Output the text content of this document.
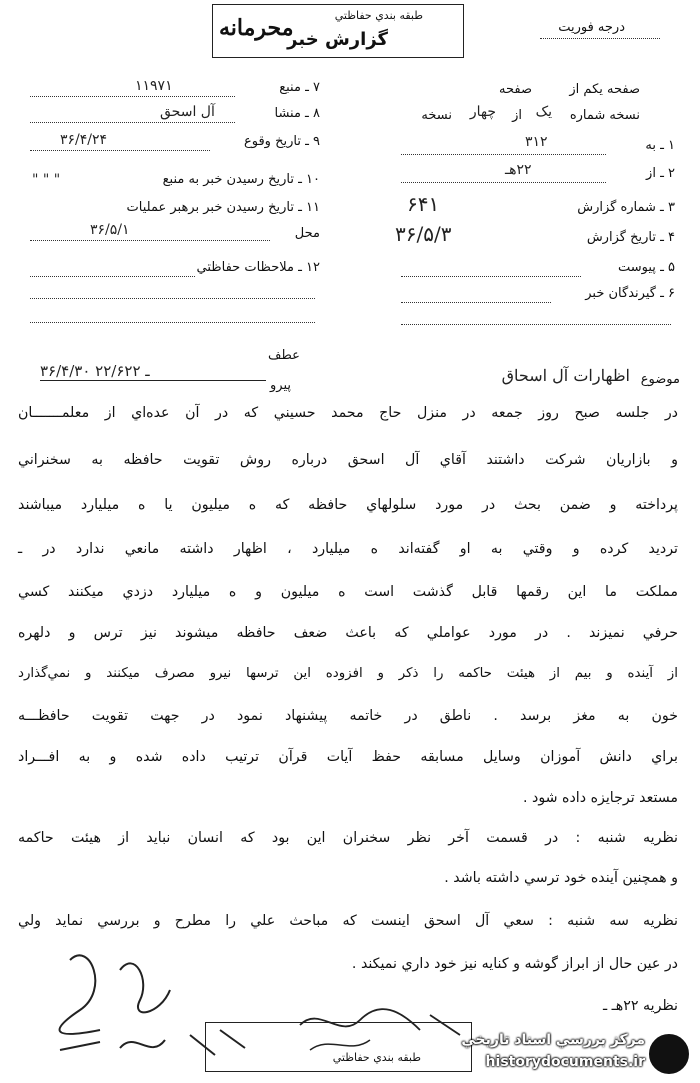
طبقه بندي حفاظتي
گزارش خبر
محرمانه	درجه فوريت
صفحه يكم از
صفحه
نسخه شماره
یک
از
چهار
نسخه
۷ ـ منبع
۱۱۹۷۱
۸ ـ منشا
آل اسحق
۹ ـ تاريخ وقوع
۳۶/۴/۲۴
۱۰ ـ تاريخ رسيدن خبر به منبع
" " "
۱۱ ـ تاريخ رسيدن خبر برهبر عمليات
محل
۳۶/۵/۱
۱۲ ـ ملاحظات حفاظتي
۱ ـ به
۳۱۲
۲ ـ از
۲۲هـ
۳ ـ شماره گزارش
۶۴۱
۴ ـ تاريخ گزارش
۳۶/۵/۳
۵ ـ پيوست
۶ ـ گيرندگان خبر
موضوع
اظهارات آل اسحاق
عطف
پيرو
۳۶/۴/۳۰ ـ ۲۲/۶۲۲
در جلسه صبح روز جمعه در منزل حاج محمد حسيني كه در آن عده‌اي از معلمـــــــان
و بازاريان شركت داشتند آقاي آل اسحق درباره روش تقويت حافظه به سخنراني
پرداخته و ضمن بحث در مورد سلولهاي حافظه كه ه ميليون يا ه ميليارد ميباشند
ترديد كرده و وقتي به او گفته‌اند ه ميليارد ، اظهار داشته مانعي ندارد در ـ
مملكت ما اين رقمها قابل گذشت است ه ميليون و ه ميليارد دزدي ميكنند كسي
حرفي نميزند . در مورد عواملي كه باعث ضعف حافظه ميشوند نيز ترس و دلهره
از آينده و بيم از هيئت حاكمه را ذكر و افزوده اين ترسها نيرو مصرف ميكنند و نمي‌گذارد
خون به مغز برسد . ناطق در خاتمه پيشنهاد نمود در جهت تقويت حافظـــه
براي دانش آموزان وسايل مسابقه حفظ آيات قرآن ترتيب داده شده و به افـــراد
مستعد ترجايزه داده شود .
نظريه شنبه : در قسمت آخر نظر سخنران اين بود كه انسان نبايد از هيئت حاكمه
و همچنين آينده خود ترسي داشته باشد .
نظريه سه شنبه : سعي آل اسحق اينست كه مباحث علي را مطرح و بررسي نمايد ولي
در عين حال از ابراز گوشه و كنايه نيز خود داري نميكند .
نظريه ۲۲هـ ـ
طبقه بندي حفاظتي
مركز بررسي اسناد تاريخي
historydocuments.ir
